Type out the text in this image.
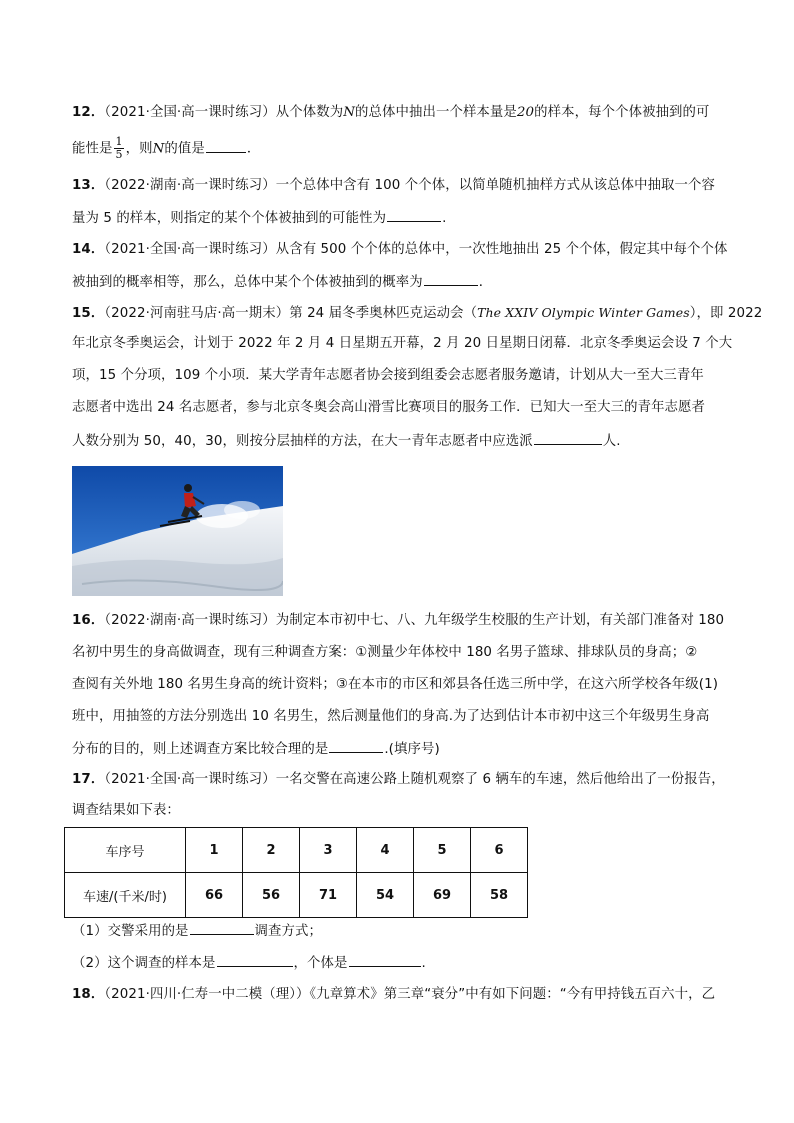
12．（2021·全国·高一课时练习）从个体数为N的总体中抽出一个样本量是20的样本，每个个体被抽到的可
能性是 $\frac{1}{5}$ ，则N的值是	．
13．（2022·湖南·高一课时练习）一个总体中含有 100 个个体，以简单随机抽样方式从该总体中抽取一个容
量为 5 的样本，则指定的某个个体被抽到的可能性为	.
14．（2021·全国·高一课时练习）从含有 500 个个体的总体中，一次性地抽出 25 个个体，假定其中每个个体
被抽到的概率相等，那么，总体中某个个体被抽到的概率为	．
15．（2022·河南驻马店·高一期末）第 24 届冬季奥林匹克运动会（The XXIV Olympic Winter Games），即 2022
年北京冬季奥运会，计划于 2022 年 2 月 4 日星期五开幕，2 月 20 日星期日闭幕．北京冬季奥运会设 7 个大
项，15 个分项，109 个小项．某大学青年志愿者协会接到组委会志愿者服务邀请，计划从大一至大三青年
志愿者中选出 24 名志愿者，参与北京冬奥会高山滑雪比赛项目的服务工作．已知大一至大三的青年志愿者
人数分别为 50，40，30，则按分层抽样的方法，在大一青年志愿者中应选派	人.
16．（2022·湖南·高一课时练习）为制定本市初中七、八、九年级学生校服的生产计划，有关部门准备对 180
名初中男生的身高做调查，现有三种调查方案：①测量少年体校中 180 名男子篮球、排球队员的身高；②
查阅有关外地 180 名男生身高的统计资料；③在本市的市区和郊县各任选三所中学，在这六所学校各年级(1)
班中，用抽签的方法分别选出 10 名男生，然后测量他们的身高.为了达到估计本市初中这三个年级男生身高
分布的目的，则上述调查方案比较合理的是	.(填序号)
17．（2021·全国·高一课时练习）一名交警在高速公路上随机观察了 6 辆车的车速，然后他给出了一份报告，
调查结果如下表：
车序号	1	2	3	4	5	6
车速/(千米/时)	66	56	71	54	69	58
（1）交警采用的是	调查方式；
（2）这个调查的样本是	，个体是	.
18．（2021·四川·仁寿一中二模（理））《九章算术》第三章“衰分”中有如下问题：“今有甲持钱五百六十，乙
